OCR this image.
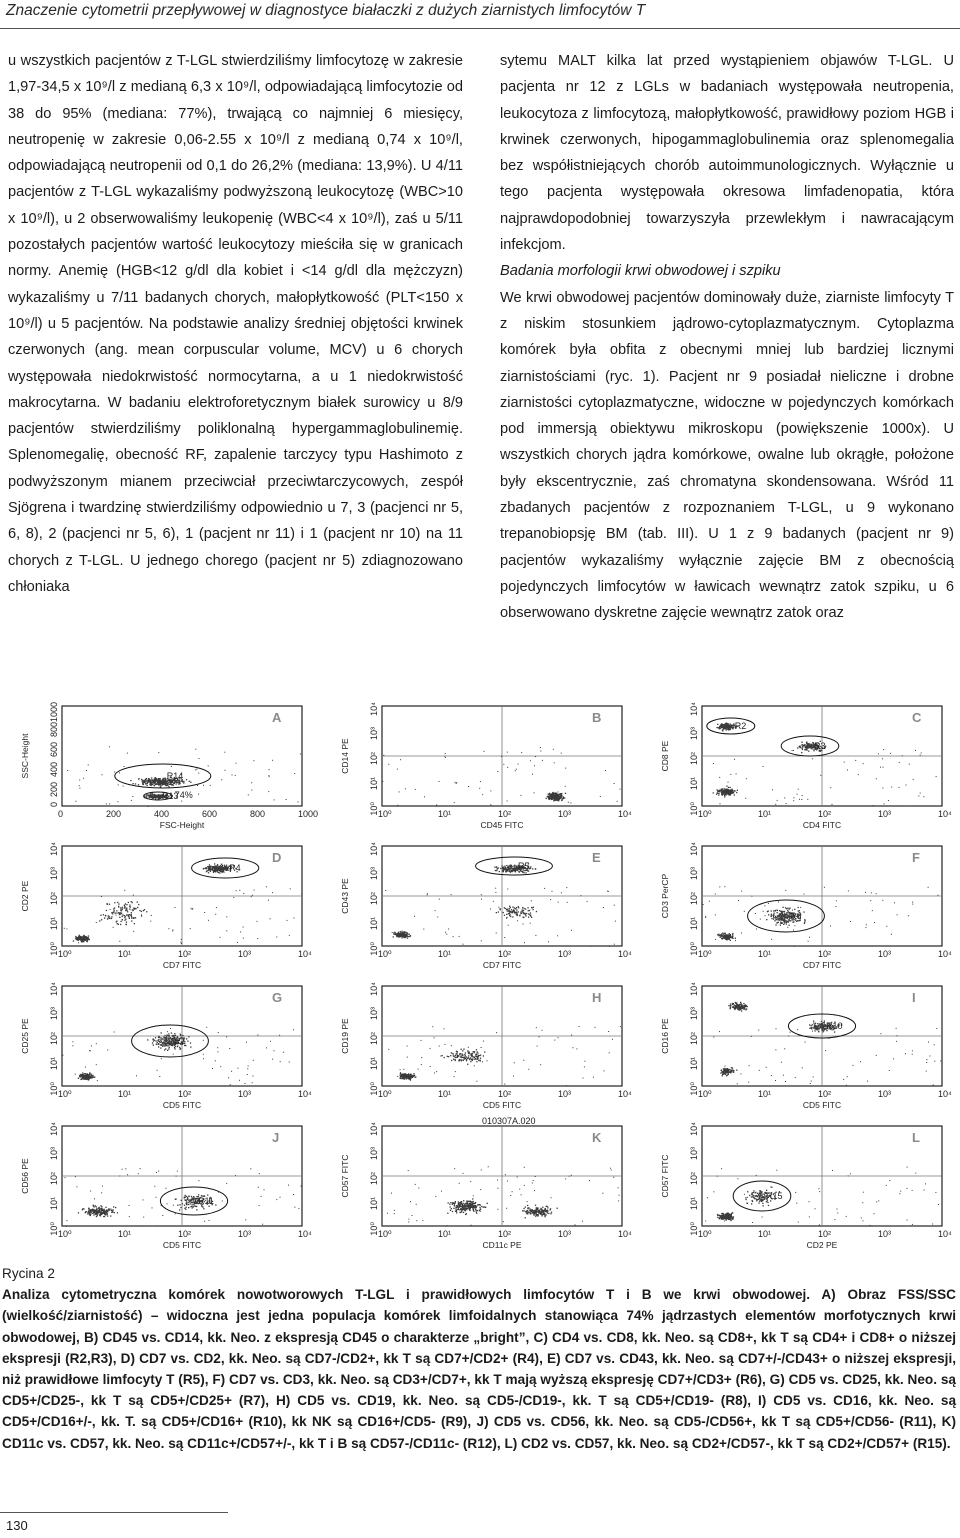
Znaczenie cytometrii przepływowej w diagnostyce białaczki z dużych ziarnistych limfocytów T

u wszystkich pacjentów z T-LGL stwierdziliśmy limfocytozę w zakresie 1,97-34,5 x 10⁹/l z medianą 6,3 x 10⁹/l, odpowiadającą limfocytozie od 38 do 95% (mediana: 77%), trwającą co najmniej 6 miesięcy, neutropenię w zakresie 0,06-2.55 x 10⁹/l z medianą 0,74 x 10⁹/l, odpowiadającą neutropenii od 0,1 do 26,2% (mediana: 13,9%). U 4/11 pacjentów z T-LGL wykazaliśmy podwyższoną leukocytozę (WBC>10 x 10⁹/l), u 2 obserwowaliśmy leukopenię (WBC<4 x 10⁹/l), zaś u 5/11 pozostałych pacjentów wartość leukocytozy mieściła się w granicach normy. Anemię (HGB<12 g/dl dla kobiet i <14 g/dl dla mężczyzn) wykazaliśmy u 7/11 badanych chorych, małopłytkowość (PLT<150 x 10⁹/l) u 5 pacjentów. Na podstawie analizy średniej objętości krwinek czerwonych (ang. mean corpuscular volume, MCV) u 6 chorych występowała niedokrwistość normocytarna, a u 1 niedokrwistość makrocytarna. W badaniu elektroforetycznym białek surowicy u 8/9 pacjentów stwierdziliśmy poliklonalną hypergammaglobulinemię. Splenomegalię, obecność RF, zapalenie tarczycy typu Hashimoto z podwyższonym mianem przeciwciał przeciwtarczycowych, zespół Sjögrena i twardzinę stwierdziliśmy odpowiednio u 7, 3 (pacjenci nr 5, 6, 8), 2 (pacjenci nr 5, 6), 1 (pacjent nr 11) i 1 (pacjent nr 10) na 11 chorych z T-LGL. U jednego chorego (pacjent nr 5) zdiagnozowano chłoniaka

sytemu MALT kilka lat przed wystąpieniem objawów T-LGL. U pacjenta nr 12 z LGLs w badaniach występowała neutropenia, leukocytoza z limfocytozą, małopłytkowość, prawidłowy poziom HGB i krwinek czerwonych, hipogammaglobulinemia oraz splenomegalia bez współistniejących chorób autoimmunologicznych. Wyłącznie u tego pacjenta występowała okresowa limfadenopatia, która najprawdopodobniej towarzyszyła przewlekłym i nawracającym infekcjom.

Badania morfologii krwi obwodowej i szpiku

We krwi obwodowej pacjentów dominowały duże, ziarniste limfocyty T z niskim stosunkiem jądrowo-cytoplazmatycznym. Cytoplazma komórek była obfita z obecnymi mniej lub bardziej licznymi ziarnistościami (ryc. 1). Pacjent nr 9 posiadał nieliczne i drobne ziarnistości cytoplazmatyczne, widoczne w pojedynczych komórkach pod immersją obiektywu mikroskopu (powiększenie 1000x). U wszystkich chorych jądra komórkowe, owalne lub okrągłe, położone były ekscentrycznie, zaś chromatyna skondensowana. Wśród 11 zbadanych pacjentów z rozpoznaniem T-LGL, u 9 wykonano trepanobiopsję BM (tab. III). U 1 z 9 badanych (pacjent nr 9) pacjentów wykazaliśmy wyłącznie zajęcie BM z obecnością pojedynczych limfocytów w ławicach wewnątrz zatok szpiku, u 6 obserwowano dyskretne zajęcie wewnątrz zatok oraz

R14
R13
74%
A
0	200	400	600	800	1000
0
200
400
600
800
1000
FSC-Height
SSC-Height
B
10⁰	10¹	10²	10³	10⁴
10⁰
10¹
10²
10³
10⁴
CD45 FITC
CD14 PE
R2
R3
C
10⁰	10¹	10²	10³	10⁴
10⁰
10¹
10²
10³
10⁴
CD4 FITC
CD8 PE
R4
D
10⁰	10¹	10²	10³	10⁴
10⁰
10¹
10²
10³
10⁴
CD7 FITC
CD2 PE
R5
E
10⁰	10¹	10²	10³	10⁴
10⁰
10¹
10²
10³
10⁴
CD7 FITC
CD43 PE
R6
F
10⁰	10¹	10²	10³	10⁴
10⁰
10¹
10²
10³
10⁴
CD7 FITC
CD3 PerCP
R7
G
10⁰	10¹	10²	10³	10⁴
10⁰
10¹
10²
10³
10⁴
CD5 FITC
CD25 PE
H
10⁰	10¹	10²	10³	10⁴
10⁰
10¹
10²
10³
10⁴
CD5 FITC
CD19 PE	R10
I
10⁰	10¹	10²	10³	10⁴
10⁰
10¹
10²
10³
10⁴
CD5 FITC
CD16 PE
R11
J
10⁰	10¹	10²	10³	10⁴
10⁰
10¹
10²
10³
10⁴
CD5 FITC
CD56 PE
010307A.020
K
10⁰	10¹	10²	10³	10⁴
10⁰
10¹
10²
10³
10⁴
CD11c PE
CD57 FITC	R15
L
10⁰	10¹	10²	10³	10⁴
10⁰
10¹
10²
10³
10⁴
CD2 PE
CD57 FITC
Rycina 2
Analiza cytometryczna komórek nowotworowych T-LGL i prawidłowych limfocytów T i B we krwi obwodowej. A) Obraz FSS/SSC (wielkość/ziarnistość) – widoczna jest jedna populacja komórek limfoidalnych stanowiąca 74% jądrzastych elementów morfotycznych krwi obwodowej, B) CD45 vs. CD14, kk. Neo. z ekspresją CD45 o charakterze „bright”, C) CD4 vs. CD8, kk. Neo. są CD8+, kk T są CD4+ i CD8+ o niższej ekspresji (R2,R3), D) CD7 vs. CD2, kk. Neo. są CD7-/CD2+, kk T są CD7+/CD2+ (R4), E) CD7 vs. CD43, kk. Neo. są CD7+/-/CD43+ o niższej ekspresji, niż prawidłowe limfocyty T (R5), F) CD7 vs. CD3, kk. Neo. są CD3+/CD7+, kk T mają wyższą ekspresję CD7+/CD3+ (R6), G) CD5 vs. CD25, kk. Neo. są CD5+/CD25-, kk T są CD5+/CD25+ (R7), H) CD5 vs. CD19, kk. Neo. są CD5-/CD19-, kk. T są CD5+/CD19- (R8), I) CD5 vs. CD16, kk. Neo. są CD5+/CD16+/-, kk. T. są CD5+/CD16+ (R10), kk NK są CD16+/CD5- (R9), J) CD5 vs. CD56, kk. Neo. są CD5-/CD56+, kk T są CD5+/CD56- (R11), K) CD11c vs. CD57, kk. Neo. są CD11c+/CD57+/-, kk T i B są CD57-/CD11c- (R12), L) CD2 vs. CD57, kk. Neo. są CD2+/CD57-, kk T są CD2+/CD57+ (R15).
130
